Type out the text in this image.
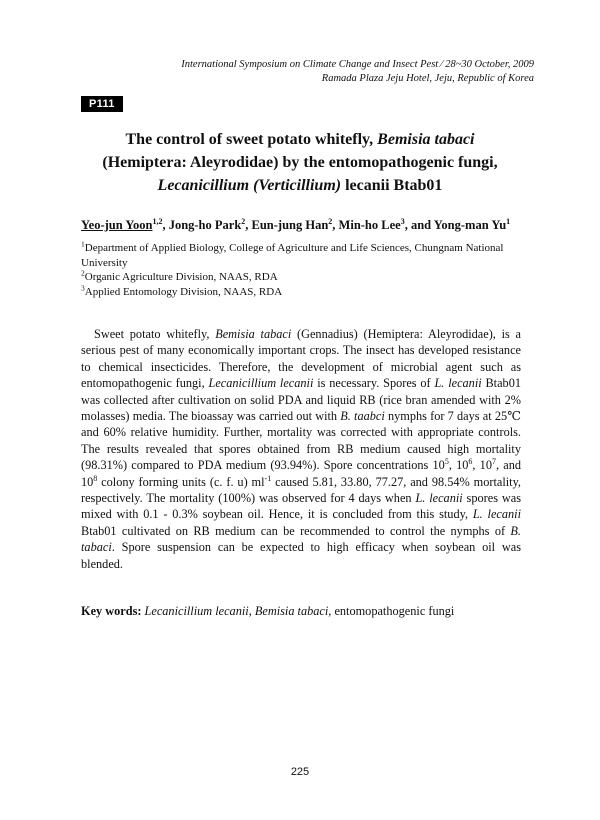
International Symposium on Climate Change and Insect Pest ⁄ 28~30 October, 2009
Ramada Plaza Jeju Hotel, Jeju, Republic of Korea
P111
The control of sweet potato whitefly, Bemisia tabaci
(Hemiptera: Aleyrodidae) by the entomopathogenic fungi,
Lecanicillium (Verticillium) lecanii Btab01
Yeo-jun Yoon$^{1,2}$, Jong-ho Park$^2$, Eun-jung Han$^2$, Min-ho Lee$^3$, and Yong-man Yu$^1$
$^1$Department of Applied Biology, College of Agriculture and Life Sciences, Chungnam National University
$^2$Organic Agriculture Division, NAAS, RDA
$^3$Applied Entomology Division, NAAS, RDA

Sweet potato whitefly, Bemisia tabaci (Gennadius) (Hemiptera: Aleyrodidae), is a serious pest of many economically important crops. The insect has developed resistance to chemical insecticides. Therefore, the development of microbial agent such as entomopathogenic fungi, Lecanicillium lecanii is necessary. Spores of L. lecanii Btab01 was collected after cultivation on solid PDA and liquid RB (rice bran amended with 2% molasses) media. The bioassay was carried out with B. taabci nymphs for 7 days at 25℃ and 60% relative humidity. Further, mortality was corrected with appropriate controls. The results revealed that spores obtained from RB medium caused high mortality (98.31%) compared to PDA medium (93.94%). Spore concentrations $10^5$, $10^6$, $10^7$, and $10^8$ colony forming units (c. f. u) $ml^{-1}$ caused 5.81, 33.80, 77.27, and 98.54% mortality, respectively. The mortality (100%) was observed for 4 days when L. lecanii spores was mixed with 0.1 - 0.3% soybean oil. Hence, it is concluded from this study, L. lecanii Btab01 cultivated on RB medium can be recommended to control the nymphs of B. tabaci. Spore suspension can be expected to high efficacy when soybean oil was blended.

Key words: Lecanicillium lecanii, Bemisia tabaci, entomopathogenic fungi
225
